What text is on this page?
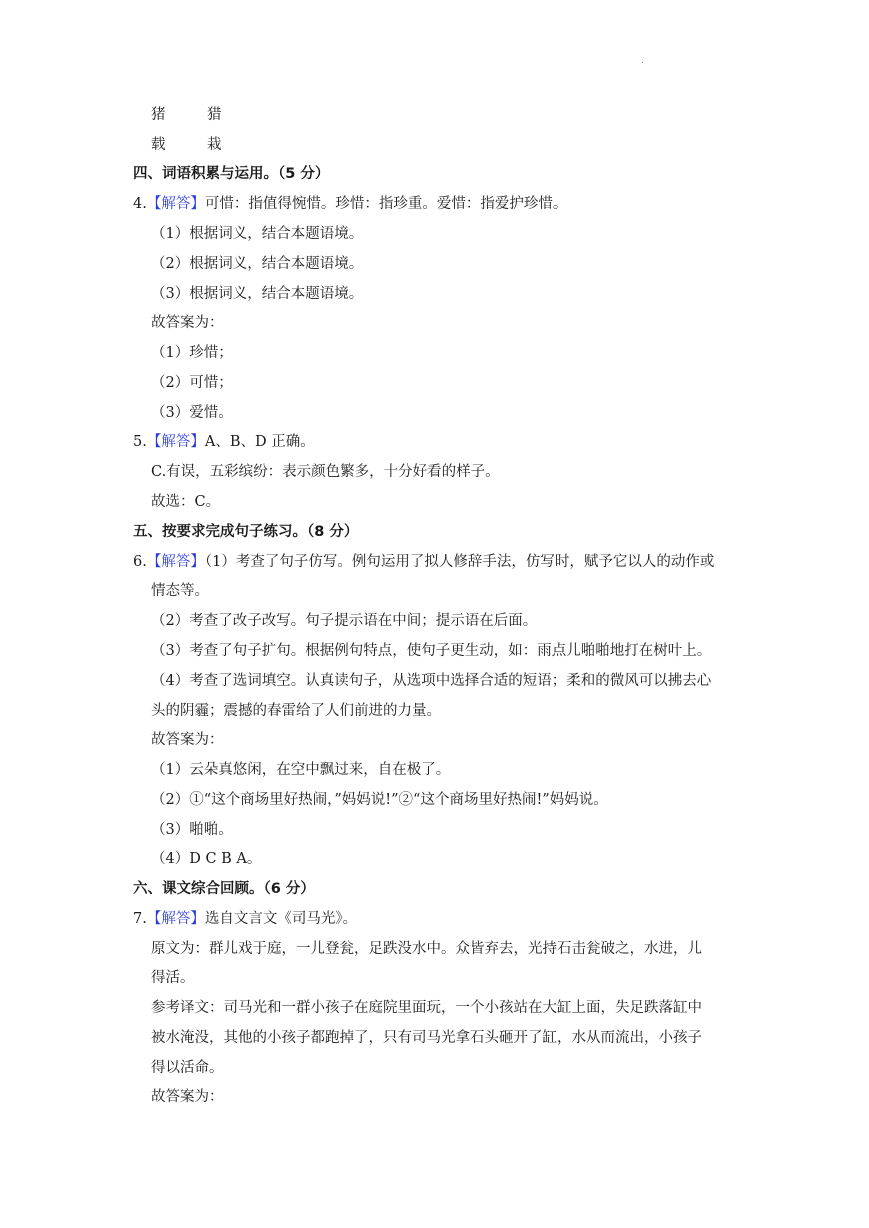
.
猪	猎
载	栽
四、词语积累与运用。（5 分）
4.【解答】可惜：指值得惋惜。珍惜：指珍重。爱惜：指爱护珍惜。
（1）根据词义，结合本题语境。
（2）根据词义，结合本题语境。
（3）根据词义，结合本题语境。
故答案为：
（1）珍惜；
（2）可惜；
（3）爱惜。
5.【解答】A、B、D 正确。
C.有误，五彩缤纷：表示颜色繁多，十分好看的样子。
故选：C。
五、按要求完成句子练习。（8 分）
6.【解答】（1）考查了句子仿写。例句运用了拟人修辞手法，仿写时，赋予它以人的动作或
情态等。
（2）考查了改子改写。句子提示语在中间；提示语在后面。
（3）考查了句子扩句。根据例句特点，使句子更生动，如：雨点儿啪啪地打在树叶上。
（4）考查了选词填空。认真读句子，从选项中选择合适的短语；柔和的微风可以拂去心
头的阴霾；震撼的春雷给了人们前进的力量。
故答案为：
（1）云朵真悠闲，在空中飘过来，自在极了。
（2）①“这个商场里好热闹，”妈妈说!”②“这个商场里好热闹!”妈妈说。
（3）啪啪。
（4）D C B A。
六、课文综合回顾。（6 分）
7.【解答】选自文言文《司马光》。
原文为：群儿戏于庭，一儿登瓮，足跌没水中。众皆弃去，光持石击瓮破之，水进，儿
得活。
参考译文：司马光和一群小孩子在庭院里面玩，一个小孩站在大缸上面，失足跌落缸中
被水淹没，其他的小孩子都跑掉了，只有司马光拿石头砸开了缸，水从而流出，小孩子
得以活命。
故答案为：
